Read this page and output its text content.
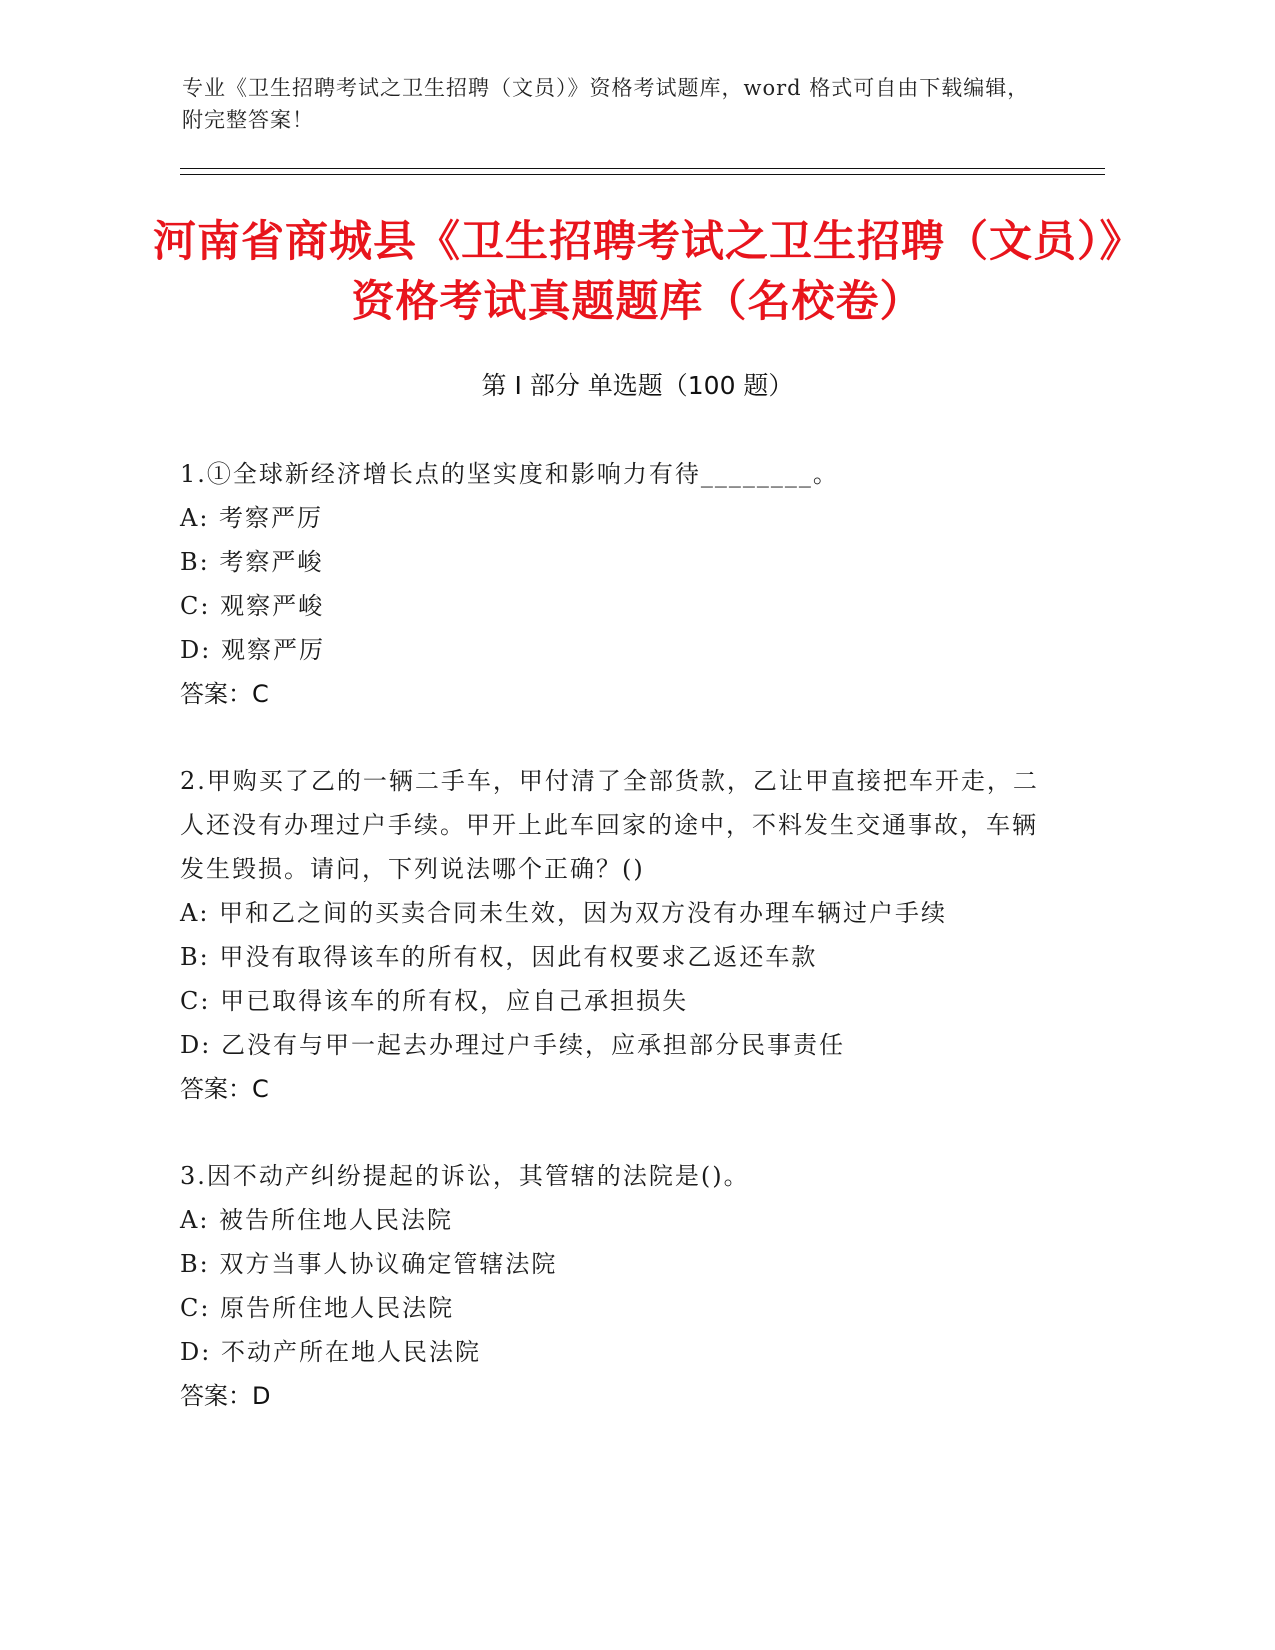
专业《卫生招聘考试之卫生招聘（文员）》资格考试题库，word 格式可自由下载编辑，附完整答案！
河南省商城县《卫生招聘考试之卫生招聘（文员）》资格考试真题题库（名校卷）
第 I 部分 单选题（100 题）
1.①全球新经济增长点的坚实度和影响力有待________。
A: 考察严厉
B: 考察严峻
C: 观察严峻
D: 观察严厉
答案：C
2.甲购买了乙的一辆二手车，甲付清了全部货款，乙让甲直接把车开走，二人还没有办理过户手续。甲开上此车回家的途中，不料发生交通事故，车辆发生毁损。请问，下列说法哪个正确？()
A: 甲和乙之间的买卖合同未生效，因为双方没有办理车辆过户手续
B: 甲没有取得该车的所有权，因此有权要求乙返还车款
C: 甲已取得该车的所有权，应自己承担损失
D: 乙没有与甲一起去办理过户手续，应承担部分民事责任
答案：C
3.因不动产纠纷提起的诉讼，其管辖的法院是()。
A: 被告所住地人民法院
B: 双方当事人协议确定管辖法院
C: 原告所住地人民法院
D: 不动产所在地人民法院
答案：D
